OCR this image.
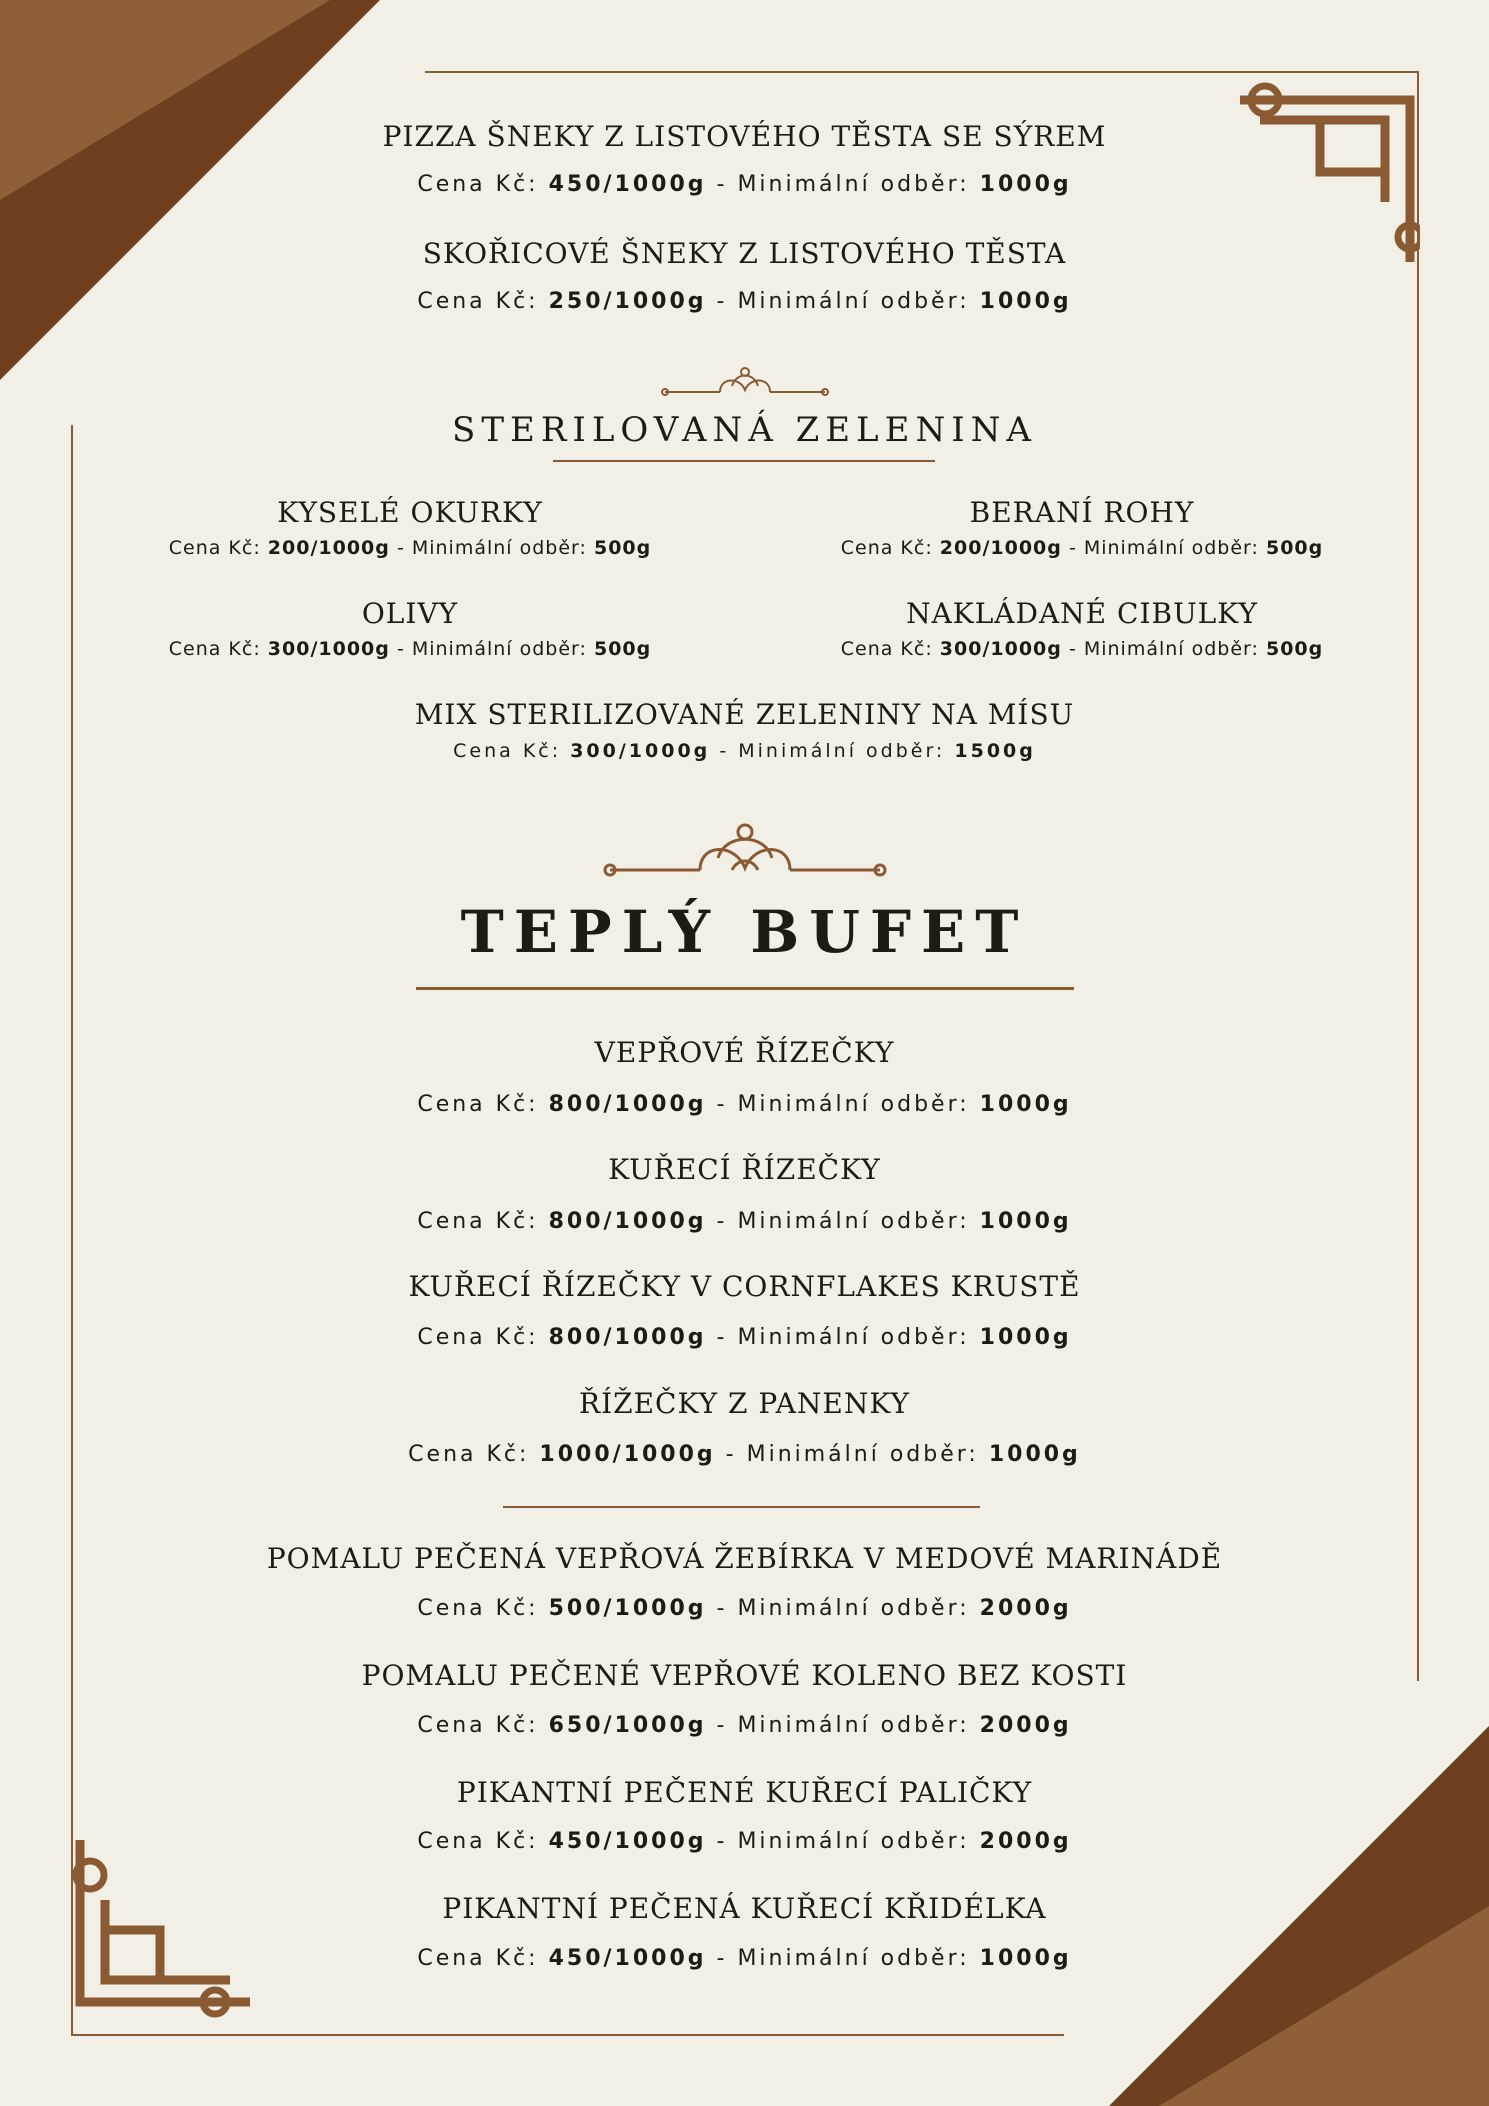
PIZZA ŠNEKY Z LISTOVÉHO TĚSTA SE SÝREM
Cena Kč: 450/1000g - Minimální odběr: 1000g
SKOŘICOVÉ ŠNEKY Z LISTOVÉHO TĚSTA
Cena Kč: 250/1000g - Minimální odběr: 1000g
STERILOVANÁ ZELENINA
KYSELÉ OKURKY
Cena Kč: 200/1000g - Minimální odběr: 500g
BERANÍ ROHY
Cena Kč: 200/1000g - Minimální odběr: 500g
OLIVY
Cena Kč: 300/1000g - Minimální odběr: 500g
NAKLÁDANÉ CIBULKY
Cena Kč: 300/1000g - Minimální odběr: 500g
MIX STERILIZOVANÉ ZELENINY NA MÍSU
Cena Kč: 300/1000g - Minimální odběr: 1500g
TEPLÝ BUFET
VEPŘOVÉ ŘÍZEČKY
Cena Kč: 800/1000g - Minimální odběr: 1000g
KUŘECÍ ŘÍZEČKY
Cena Kč: 800/1000g - Minimální odběr: 1000g
KUŘECÍ ŘÍZEČKY V CORNFLAKES KRUSTĚ
Cena Kč: 800/1000g - Minimální odběr: 1000g
ŘÍŽEČKY Z PANENKY
Cena Kč: 1000/1000g - Minimální odběr: 1000g
POMALU PEČENÁ VEPŘOVÁ ŽEBÍRKA V MEDOVÉ MARINÁDĚ
Cena Kč: 500/1000g - Minimální odběr: 2000g
POMALU PEČENÉ VEPŘOVÉ KOLENO BEZ KOSTI
Cena Kč: 650/1000g - Minimální odběr: 2000g
PIKANTNÍ PEČENÉ KUŘECÍ PALIČKY
Cena Kč: 450/1000g - Minimální odběr: 2000g
PIKANTNÍ PEČENÁ KUŘECÍ KŘIDÉLKA
Cena Kč: 450/1000g - Minimální odběr: 1000g
